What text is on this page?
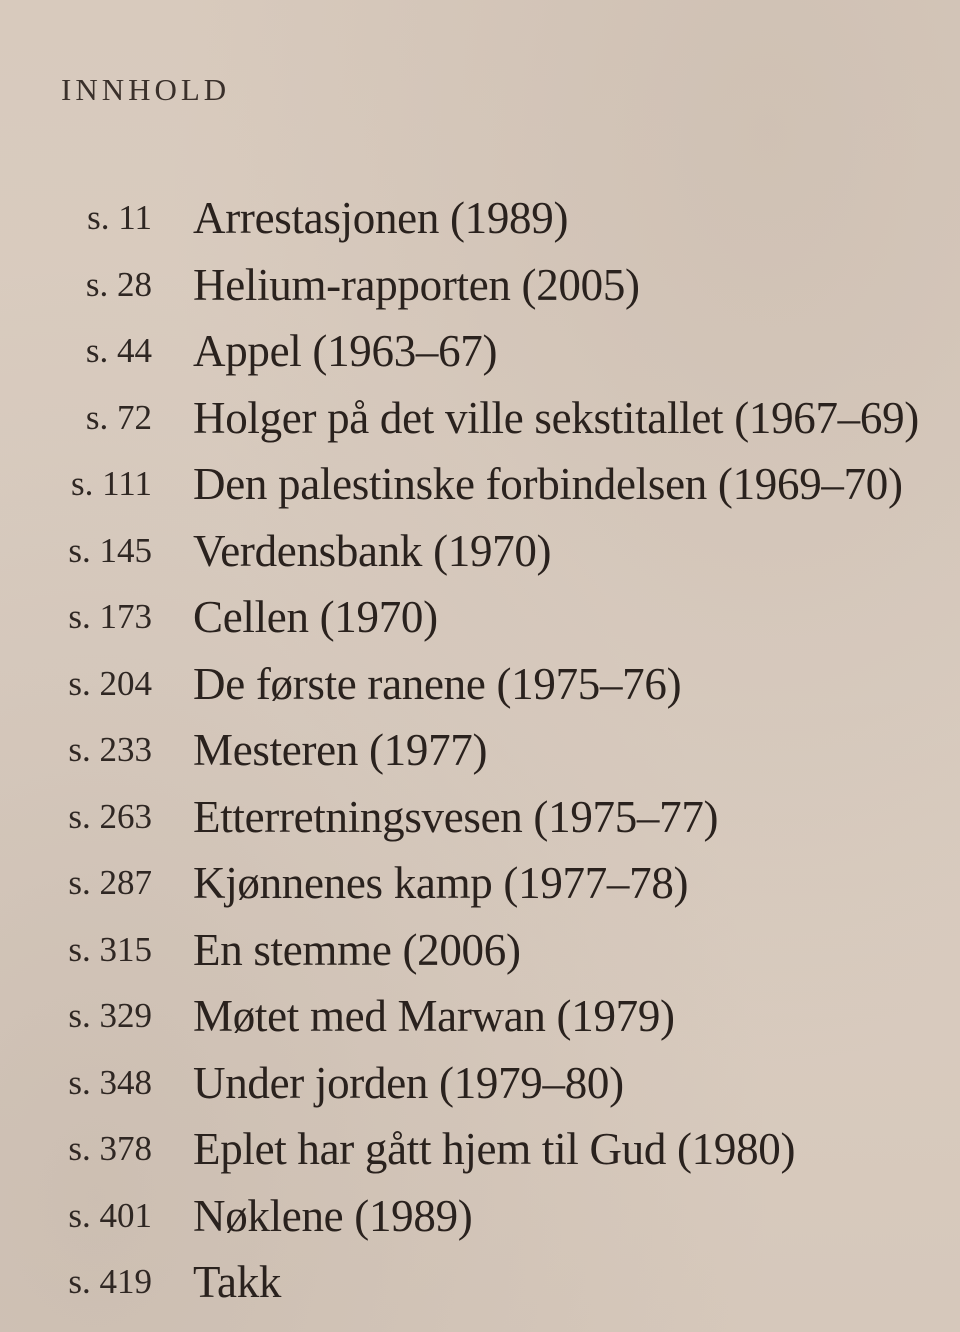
INNHOLD
s. 11 Arrestasjonen (1989)
s. 28 Helium-rapporten (2005)
s. 44 Appel (1963–67)
s. 72 Holger på det ville sekstitallet (1967–69)
s. 111 Den palestinske forbindelsen (1969–70)
s. 145 Verdensbank (1970)
s. 173 Cellen (1970)
s. 204 De første ranene (1975–76)
s. 233 Mesteren (1977)
s. 263 Etterretningsvesen (1975–77)
s. 287 Kjønnenes kamp (1977–78)
s. 315 En stemme (2006)
s. 329 Møtet med Marwan (1979)
s. 348 Under jorden (1979–80)
s. 378 Eplet har gått hjem til Gud (1980)
s. 401 Nøklene (1989)
s. 419 Takk
